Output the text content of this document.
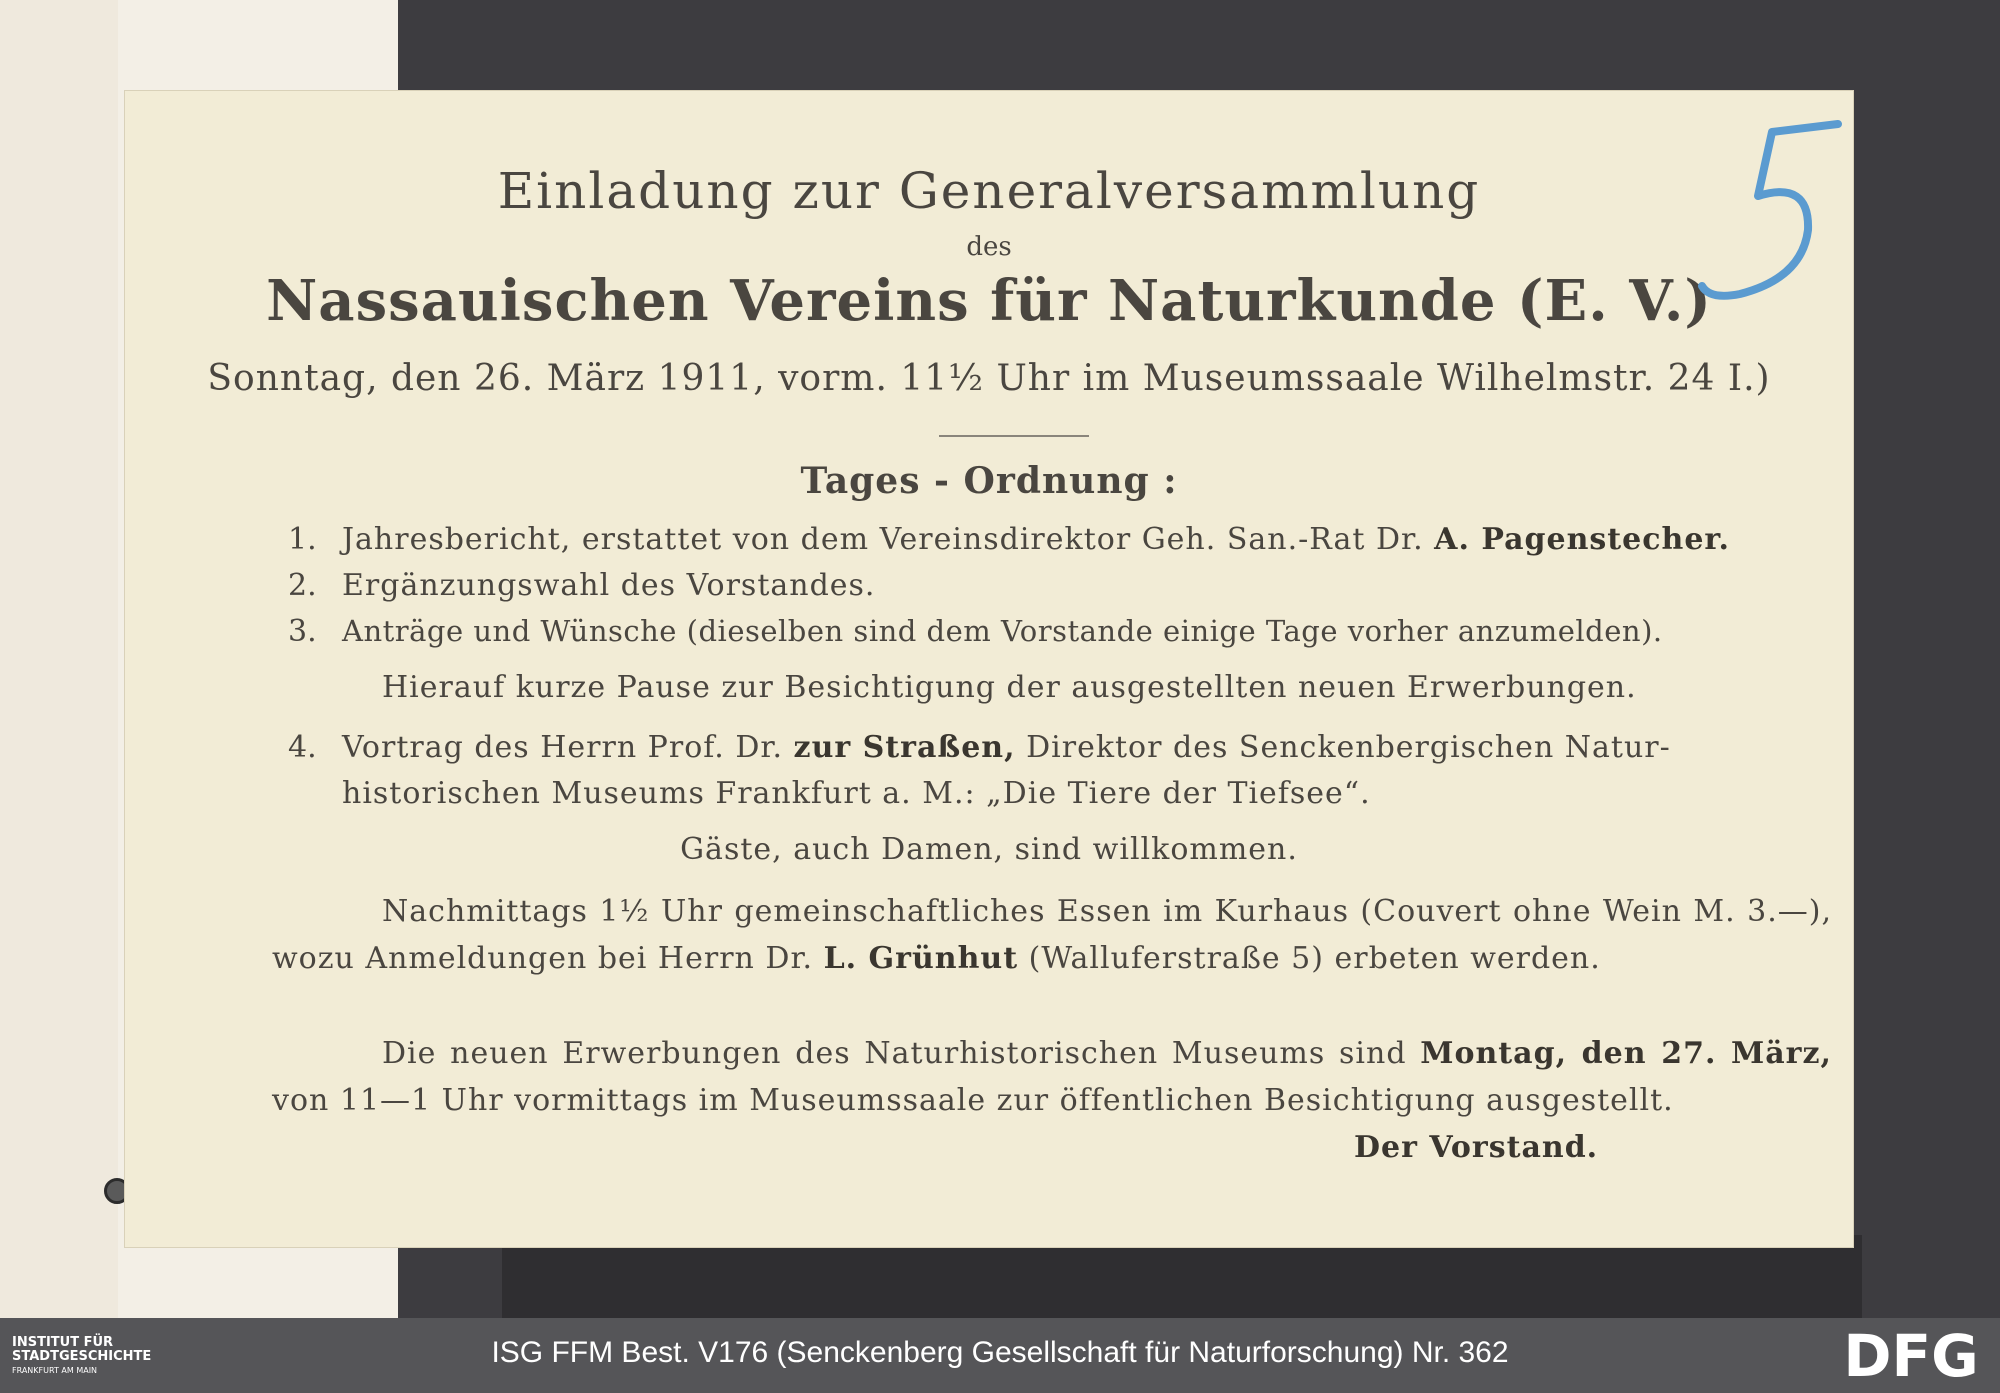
Einladung zur Generalversammlung
des
Nassauischen Vereins für Naturkunde (E. V.)
Sonntag, den 26. März 1911, vorm. 11½ Uhr im Museumssaale Wilhelmstr. 24 I.)
Tages - Ordnung :
1. Jahresbericht, erstattet von dem Vereinsdirektor Geh. San.-Rat Dr. A. Pagenstecher.
2. Ergänzungswahl des Vorstandes.
3. Anträge und Wünsche (dieselben sind dem Vorstande einige Tage vorher anzumelden).
Hierauf kurze Pause zur Besichtigung der ausgestellten neuen Erwerbungen.
4. Vortrag des Herrn Prof. Dr. zur Straßen, Direktor des Senckenbergischen Natur-
historischen Museums Frankfurt a. M.: „Die Tiere der Tiefsee“.
Gäste, auch Damen, sind willkommen.
Nachmittags 1½ Uhr gemeinschaftliches Essen im Kurhaus (Couvert ohne Wein M. 3.—), wozu Anmeldungen bei Herrn Dr. L. Grünhut (Walluferstraße 5) erbeten werden.
Die neuen Erwerbungen des Naturhistorischen Museums sind Montag, den 27. März, von 11—1 Uhr vormittags im Museumssaale zur öffentlichen Besichtigung ausgestellt.
Der Vorstand.
INSTITUT FÜR
STADTGESCHICHTE
FRANKFURT AM MAIN
ISG FFM Best. V176 (Senckenberg Gesellschaft für Naturforschung) Nr. 362	DFG
